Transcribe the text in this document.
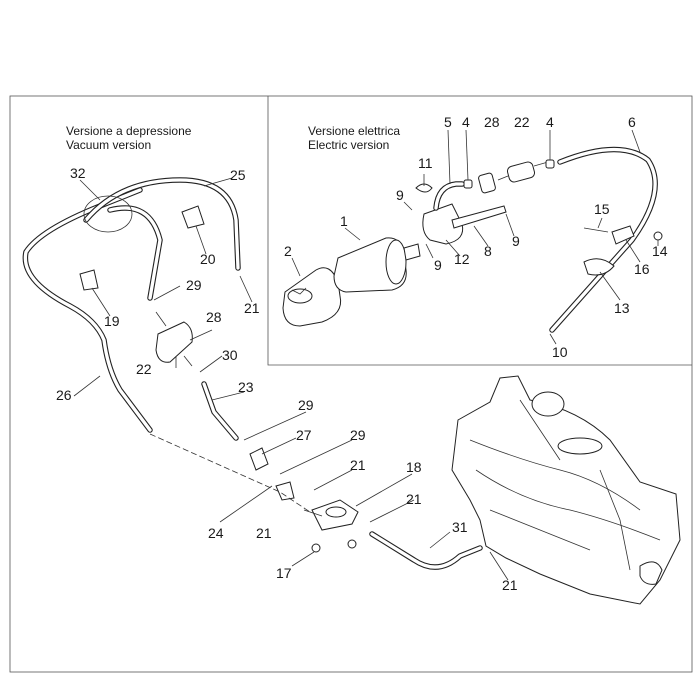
Versione a depressione
Vacuum version
Versione elettrica
Electric version
1
2
4	4
5	6
8
9
9
9
10
11
12
13
14
15
16
17
18
19
20
21
21
21
21
21
22
22
23
24
25
26
27
28
28
29
29
29
30
31
32
